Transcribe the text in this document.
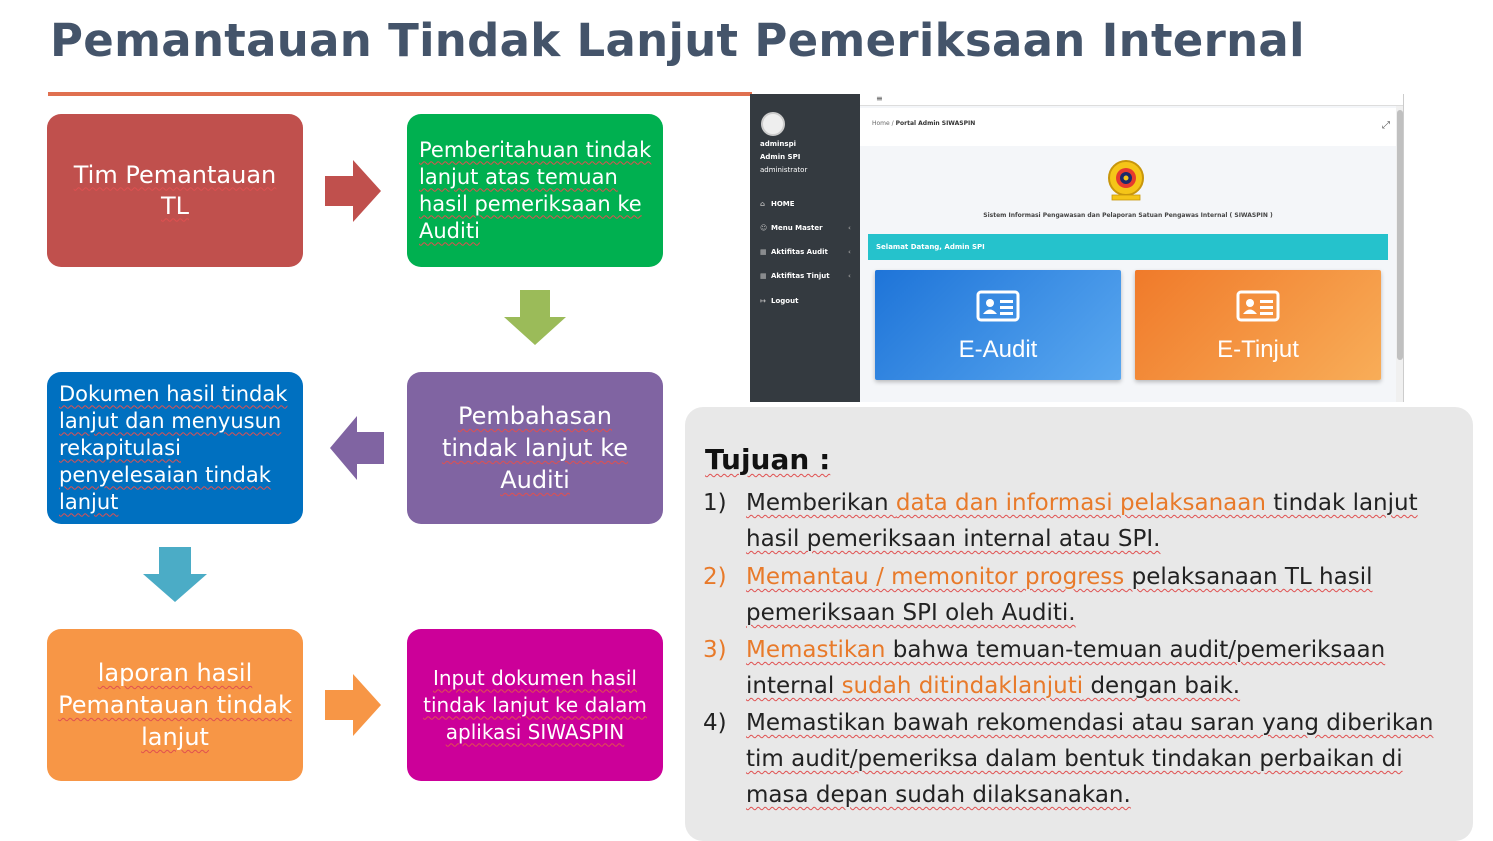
Pemantauan Tindak Lanjut Pemeriksaan Internal
Tim Pemantauan TL
Pemberitahuan tindak lanjut atas temuan hasil pemeriksaan ke Auditi
Pembahasan tindak lanjut ke Auditi
Dokumen hasil tindak lanjut dan menyusun rekapitulasi penyelesaian tindak lanjut
laporan hasil Pemantauan tindak lanjut
Input dokumen hasil tindak lanjut ke dalam aplikasi SIWASPIN
adminspi
Admin SPI
administrator
⌂ HOME
☺ Menu Master	‹
▦ Aktifitas Audit	‹
▦ Aktifitas Tinjut	‹
↦ Logout
≡
Home / Portal Admin SIWASPIN	⤢
Sistem Informasi Pengawasan dan Pelaporan Satuan Pengawas Internal ( SIWASPIN )
Selamat Datang, Admin SPI
E-Audit	E-Tinjut
Tujuan :
1) Memberikan data dan informasi pelaksanaan tindak lanjut hasil pemeriksaan internal atau SPI.
2) Memantau / memonitor progress pelaksanaan TL hasil pemeriksaan SPI oleh Auditi.
3) Memastikan bahwa temuan-temuan audit/pemeriksaan internal sudah ditindaklanjuti dengan baik.
4) Memastikan bawah rekomendasi atau saran yang diberikan tim audit/pemeriksa dalam bentuk tindakan perbaikan di masa depan sudah dilaksanakan.
